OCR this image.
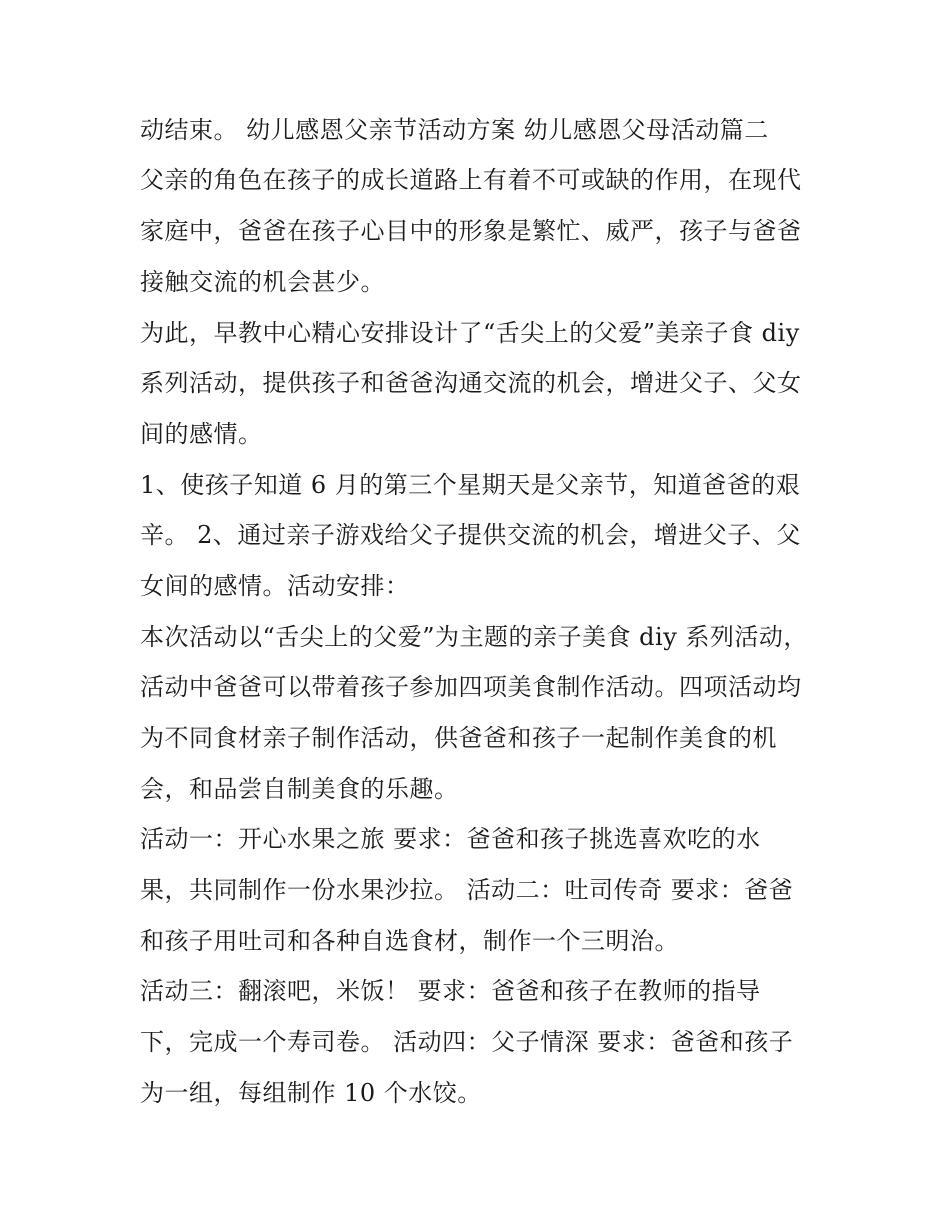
动结束。 幼儿感恩父亲节活动方案 幼儿感恩父母活动篇二
父亲的角色在孩子的成长道路上有着不可或缺的作用，在现代
家庭中，爸爸在孩子心目中的形象是繁忙、威严，孩子与爸爸
接触交流的机会甚少。
为此，早教中心精心安排设计了“舌尖上的父爱”美亲子食 diy
系列活动，提供孩子和爸爸沟通交流的机会，增进父子、父女
间的感情。
1、使孩子知道 6 月的第三个星期天是父亲节，知道爸爸的艰
辛。 2、通过亲子游戏给父子提供交流的机会，增进父子、父
女间的感情。活动安排：
本次活动以“舌尖上的父爱”为主题的亲子美食 diy 系列活动，
活动中爸爸可以带着孩子参加四项美食制作活动。四项活动均
为不同食材亲子制作活动，供爸爸和孩子一起制作美食的机
会，和品尝自制美食的乐趣。
活动一：开心水果之旅 要求：爸爸和孩子挑选喜欢吃的水
果，共同制作一份水果沙拉。 活动二：吐司传奇 要求：爸爸
和孩子用吐司和各种自选食材，制作一个三明治。
活动三：翻滚吧，米饭！ 要求：爸爸和孩子在教师的指导
下，完成一个寿司卷。 活动四：父子情深 要求：爸爸和孩子
为一组，每组制作 10 个水饺。
